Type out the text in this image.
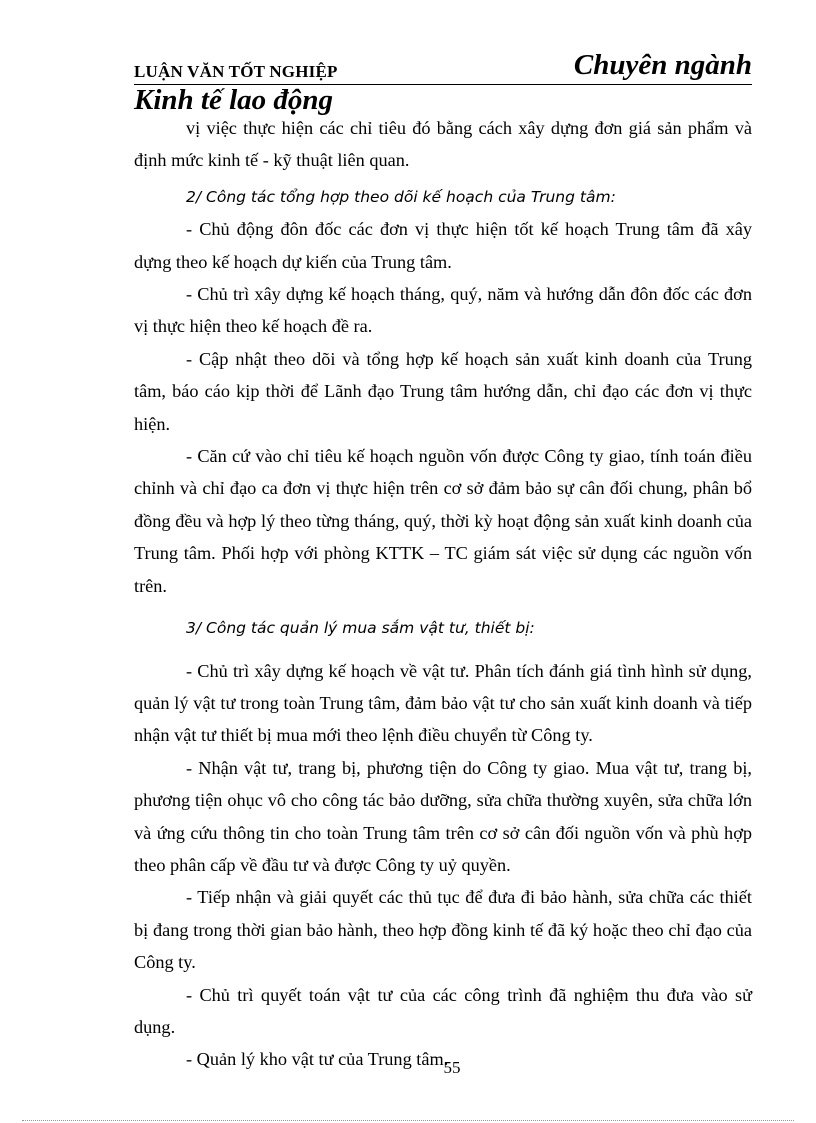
LUẬN VĂN TỐT NGHIỆP	Chuyên ngành
Kinh tế lao động

vị việc thực hiện các chỉ tiêu đó bằng cách xây dựng đơn giá sản phẩm và định mức kinh tế - kỹ thuật liên quan.

2/ Công tác tổng hợp theo dõi kế hoạch của Trung tâm:

- Chủ động đôn đốc các đơn vị thực hiện tốt kế hoạch Trung tâm đã xây dựng theo kế hoạch dự kiến của Trung tâm.

- Chủ trì xây dựng kế hoạch tháng, quý, năm và hướng dẫn đôn đốc các đơn vị thực hiện theo kế hoạch đề ra.

- Cập nhật theo dõi và tổng hợp kế hoạch sản xuất kinh doanh của Trung tâm, báo cáo kịp thời để Lãnh đạo Trung tâm hướng dẫn, chỉ đạo các đơn vị thực hiện.

- Căn cứ vào chỉ tiêu kế hoạch nguồn vốn được Công ty giao, tính toán điều chỉnh và chỉ đạo ca đơn vị thực hiện trên cơ sở đảm bảo sự cân đối chung, phân bổ đồng đều và hợp lý theo từng tháng, quý, thời kỳ hoạt động sản xuất kinh doanh của Trung tâm. Phối hợp với phòng KTTK – TC giám sát việc sử dụng các nguồn vốn trên.

3/ Công tác quản lý mua sắm vật tư, thiết bị:

- Chủ trì xây dựng kế hoạch về vật tư. Phân tích đánh giá tình hình sử dụng, quản lý vật tư trong toàn Trung tâm, đảm bảo vật tư cho sản xuất kinh doanh và tiếp nhận vật tư thiết bị mua mới theo lệnh điều chuyển từ Công ty.

- Nhận vật tư, trang bị, phương tiện do Công ty giao. Mua vật tư, trang bị, phương tiện ohục vô cho công tác bảo dưỡng, sửa chữa thường xuyên, sửa chữa lớn và ứng cứu thông tin cho toàn Trung tâm trên cơ sở cân đối nguồn vốn và phù hợp theo phân cấp về đầu tư và được Công ty uỷ quyền.

- Tiếp nhận và giải quyết các thủ tục để đưa đi bảo hành, sửa chữa các thiết bị đang trong thời gian bảo hành, theo hợp đồng kinh tế đã ký hoặc theo chỉ đạo của Công ty.

- Chủ trì quyết toán vật tư của các công trình đã nghiệm thu đưa vào sử dụng.

- Quản lý kho vật tư của Trung tâm.

55
